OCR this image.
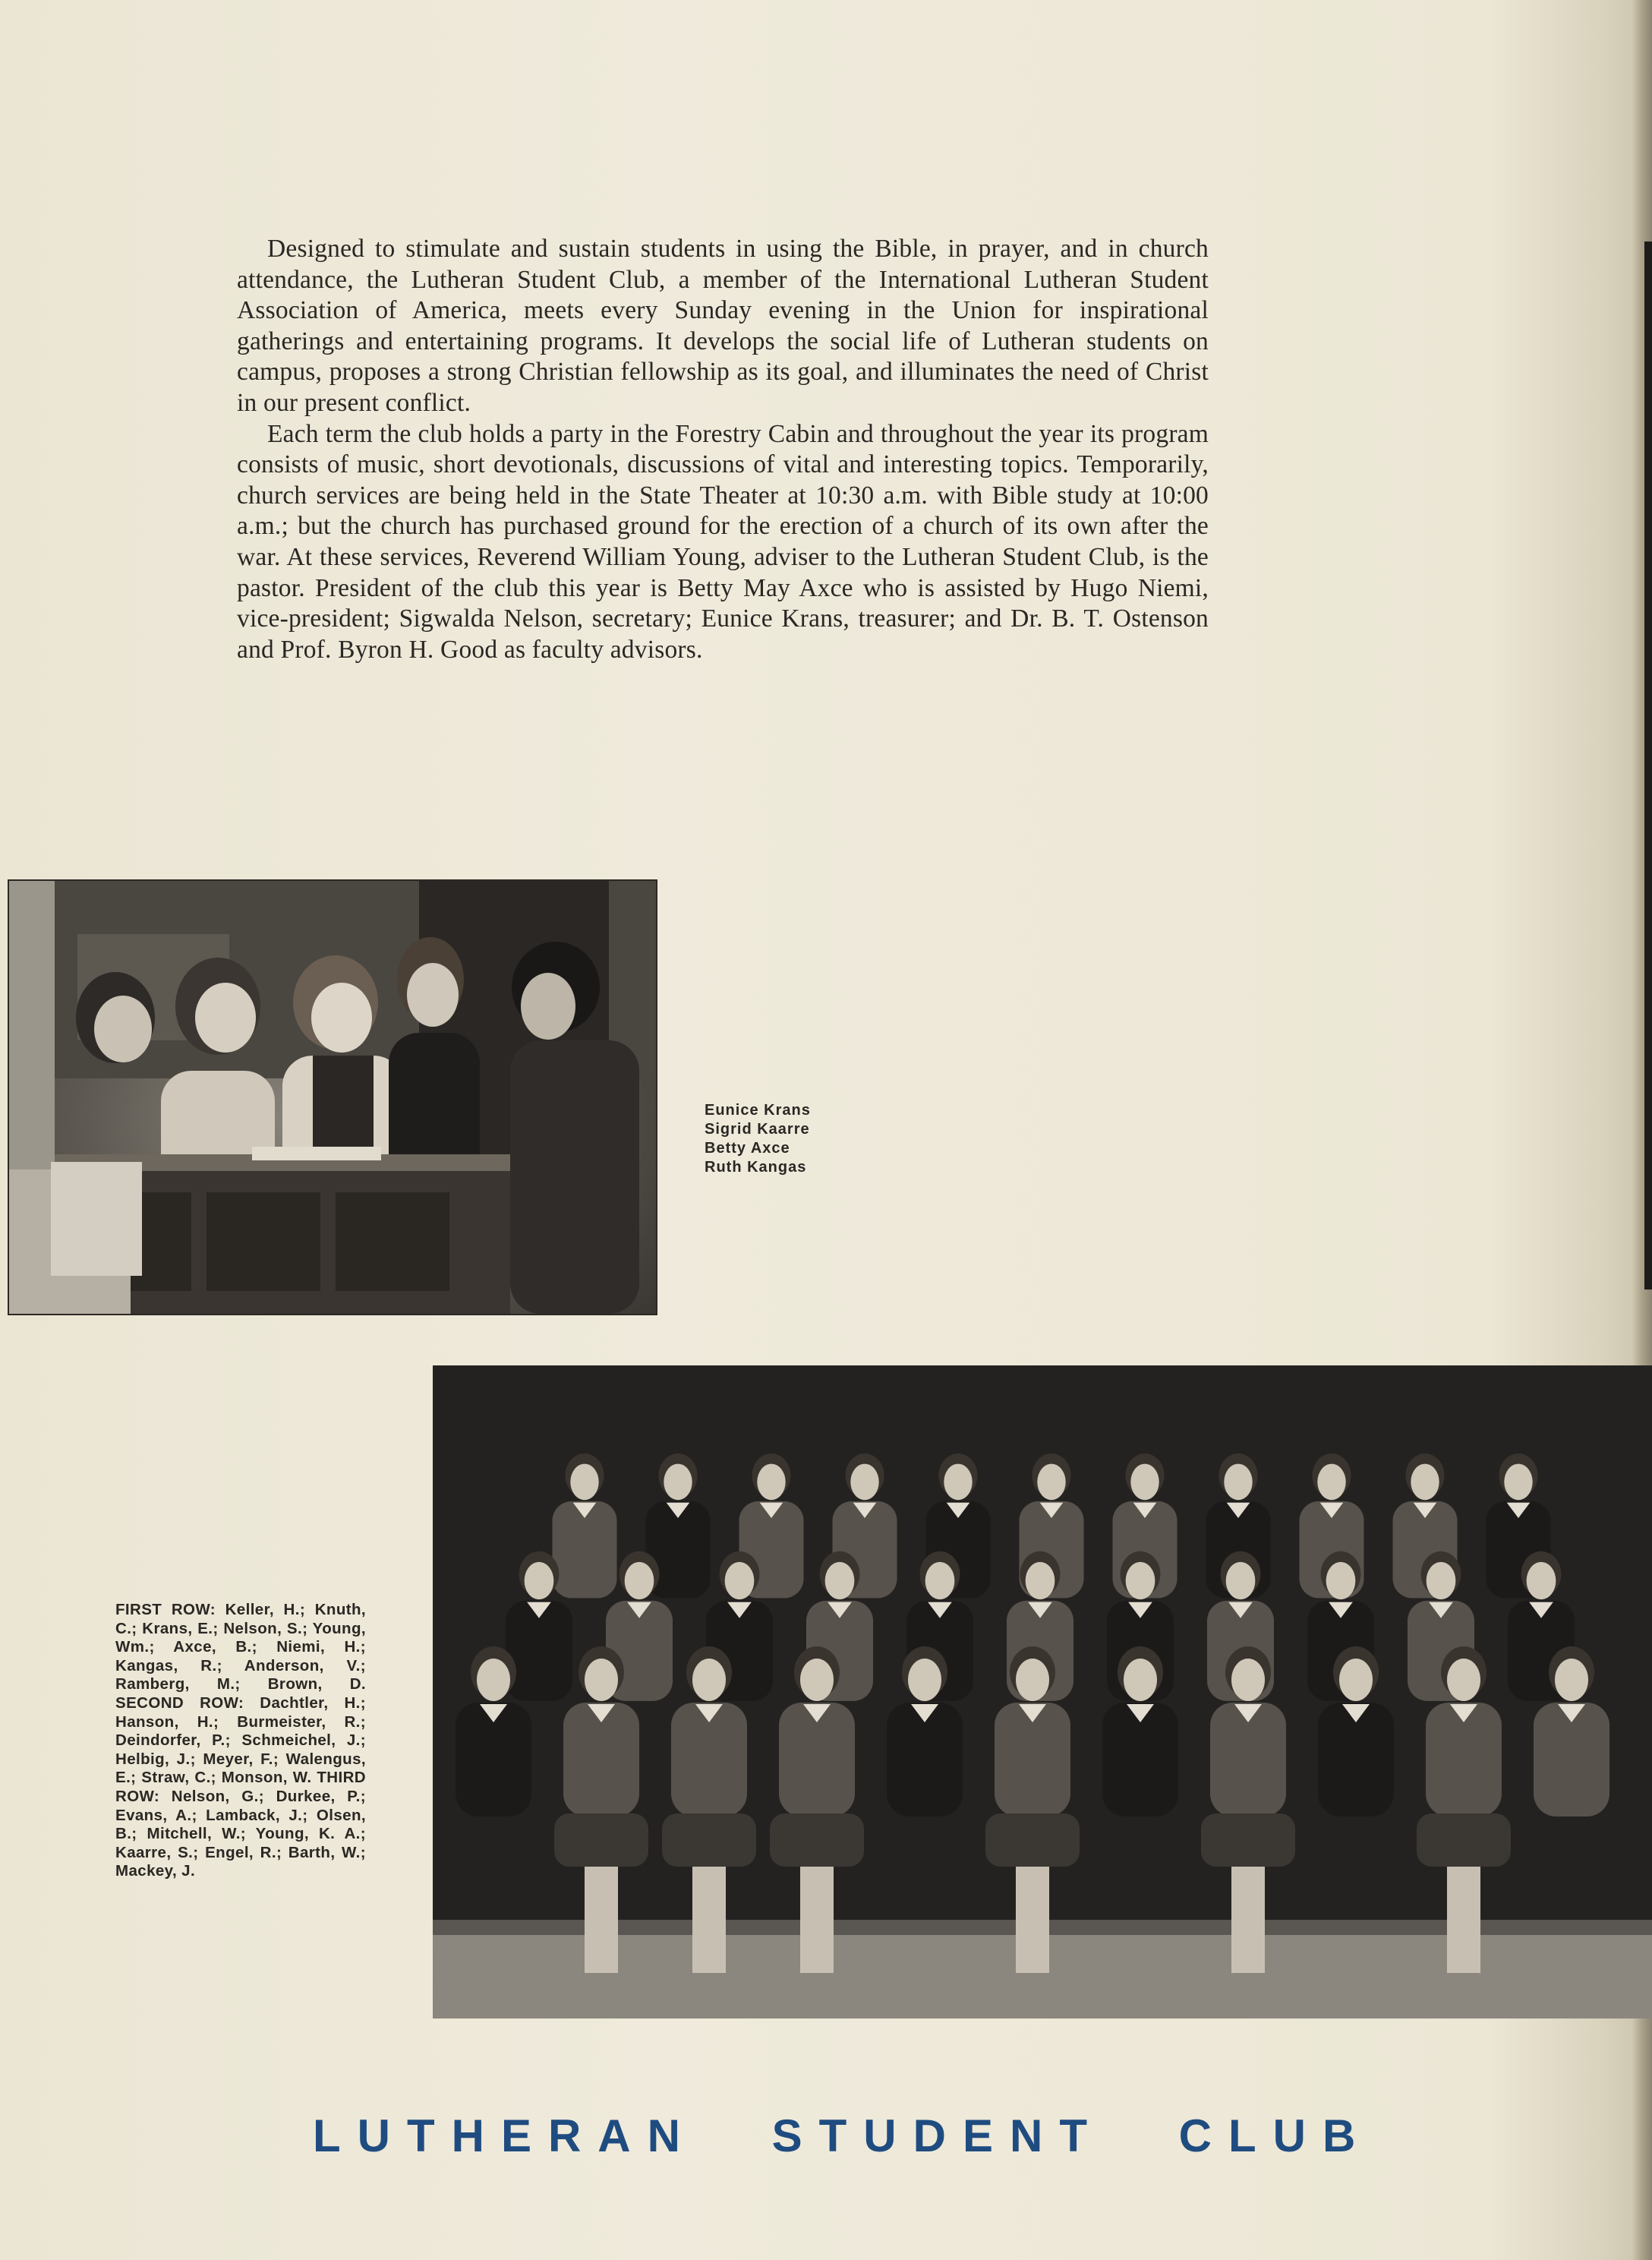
Designed to stimulate and sustain students in using the Bible, in prayer, and in church attendance, the Lutheran Student Club, a member of the International Lutheran Student Association of America, meets every Sunday evening in the Union for inspirational gatherings and entertaining programs. It develops the social life of Lutheran students on campus, proposes a strong Christian fellowship as its goal, and illuminates the need of Christ in our present conflict.

Each term the club holds a party in the Forestry Cabin and throughout the year its program consists of music, short devotionals, discussions of vital and interesting topics. Temporarily, church services are being held in the State Theater at 10:30 a.m. with Bible study at 10:00 a.m.; but the church has purchased ground for the erection of a church of its own after the war. At these services, Reverend William Young, adviser to the Lutheran Student Club, is the pastor. President of the club this year is Betty May Axce who is assisted by Hugo Niemi, vice-president; Sigwalda Nelson, secretary; Eunice Krans, treasurer; and Dr. B. T. Ostenson and Prof. Byron H. Good as faculty advisors.

Eunice Krans
Sigrid Kaarre
Betty Axce
Ruth Kangas
FIRST ROW: Keller, H.; Knuth, C.; Krans, E.; Nelson, S.; Young, Wm.; Axce, B.; Niemi, H.; Kangas, R.; Anderson, V.; Ramberg, M.; Brown, D. SECOND ROW: Dachtler, H.; Hanson, H.; Burmeister, R.; Deindorfer, P.; Schmeichel, J.; Helbig, J.; Meyer, F.; Walengus, E.; Straw, C.; Monson, W. THIRD ROW: Nelson, G.; Durkee, P.; Evans, A.; Lamback, J.; Olsen, B.; Mitchell, W.; Young, K. A.; Kaarre, S.; Engel, R.; Barth, W.; Mackey, J.
LUTHERAN STUDENT CLUB
